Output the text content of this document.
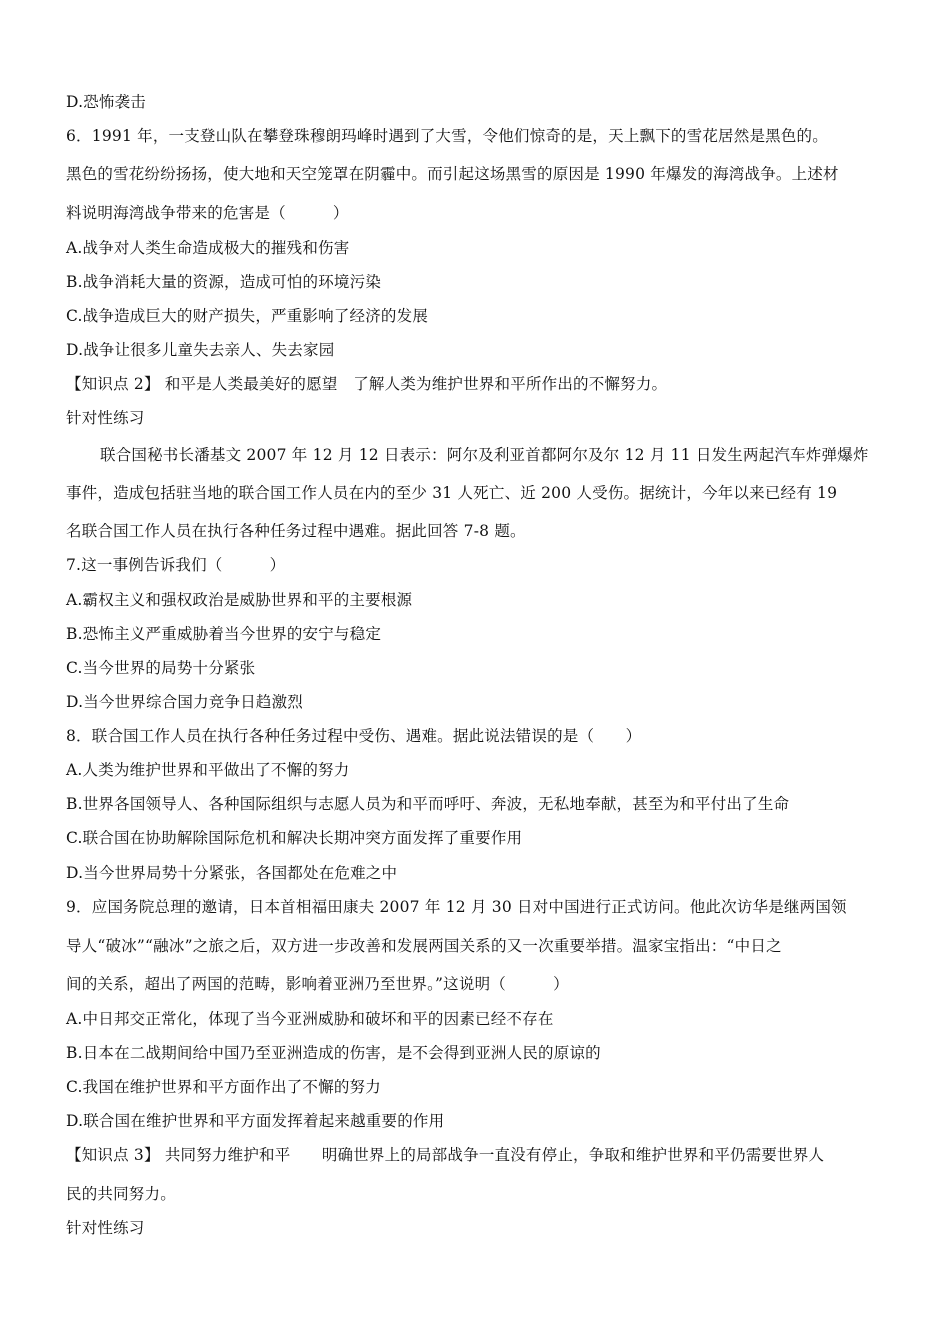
D.恐怖袭击
6．1991 年，一支登山队在攀登珠穆朗玛峰时遇到了大雪，令他们惊奇的是，天上飘下的雪花居然是黑色的。
黑色的雪花纷纷扬扬，使大地和天空笼罩在阴霾中。而引起这场黑雪的原因是 1990 年爆发的海湾战争。上述材
料说明海湾战争带来的危害是（　　　）
A.战争对人类生命造成极大的摧残和伤害
B.战争消耗大量的资源，造成可怕的环境污染
C.战争造成巨大的财产损失，严重影响了经济的发展
D.战争让很多儿童失去亲人、失去家园
【知识点 2】 和平是人类最美好的愿望　了解人类为维护世界和平所作出的不懈努力。
针对性练习
联合国秘书长潘基文 2007 年 12 月 12 日表示：阿尔及利亚首都阿尔及尔 12 月 11 日发生两起汽车炸弹爆炸
事件，造成包括驻当地的联合国工作人员在内的至少 31 人死亡、近 200 人受伤。据统计，今年以来已经有 19
名联合国工作人员在执行各种任务过程中遇难。据此回答 7-8 题。
7.这一事例告诉我们（　　　）
A.霸权主义和强权政治是威胁世界和平的主要根源
B.恐怖主义严重威胁着当今世界的安宁与稳定
C.当今世界的局势十分紧张
D.当今世界综合国力竞争日趋激烈
8．联合国工作人员在执行各种任务过程中受伤、遇难。据此说法错误的是（　　）
A.人类为维护世界和平做出了不懈的努力
B.世界各国领导人、各种国际组织与志愿人员为和平而呼吁、奔波，无私地奉献，甚至为和平付出了生命
C.联合国在协助解除国际危机和解决长期冲突方面发挥了重要作用
D.当今世界局势十分紧张，各国都处在危难之中
9．应国务院总理的邀请，日本首相福田康夫 2007 年 12 月 30 日对中国进行正式访问。他此次访华是继两国领
导人“破冰”“融冰”之旅之后，双方进一步改善和发展两国关系的又一次重要举措。温家宝指出：“中日之
间的关系，超出了两国的范畴，影响着亚洲乃至世界。”这说明（　　　）
A.中日邦交正常化，体现了当今亚洲威胁和破坏和平的因素已经不存在
B.日本在二战期间给中国乃至亚洲造成的伤害，是不会得到亚洲人民的原谅的
C.我国在维护世界和平方面作出了不懈的努力
D.联合国在维护世界和平方面发挥着起来越重要的作用
【知识点 3】 共同努力维护和平　　明确世界上的局部战争一直没有停止，争取和维护世界和平仍需要世界人
民的共同努力。
针对性练习
